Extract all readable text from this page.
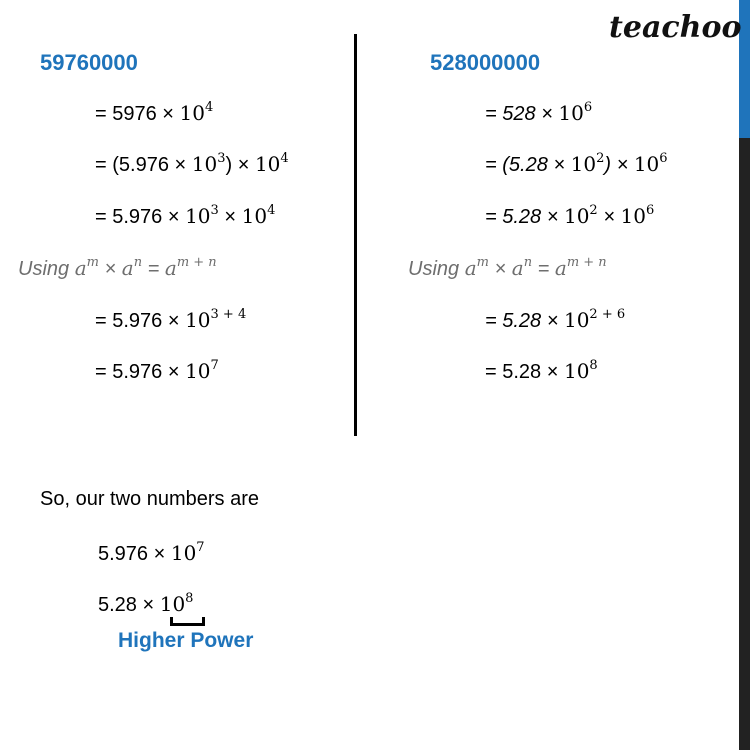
teachoo
59760000
= $5976 \times 10^4$
= $(5.976 \times 10^3) \times 10^4$
= $5.976 \times 10^3 \times 10^4$
Using $a^m \times a^n = a^{m + n}$
= $5.976 \times 10^{3 + 4}$
= $5.976 \times 10^7$
528000000
= $528 \times 10^6$
= $(5.28 \times 10^2) \times 10^6$
= $5.28 \times 10^2 \times 10^6$
Using $a^m \times a^n = a^{m + n}$
= $5.28 \times 10^{2 + 6}$
= $5.28 \times 10^8$
So, our two numbers are
$5.976 \times 10^7$
$5.28 \times 10^8$
Higher Power
